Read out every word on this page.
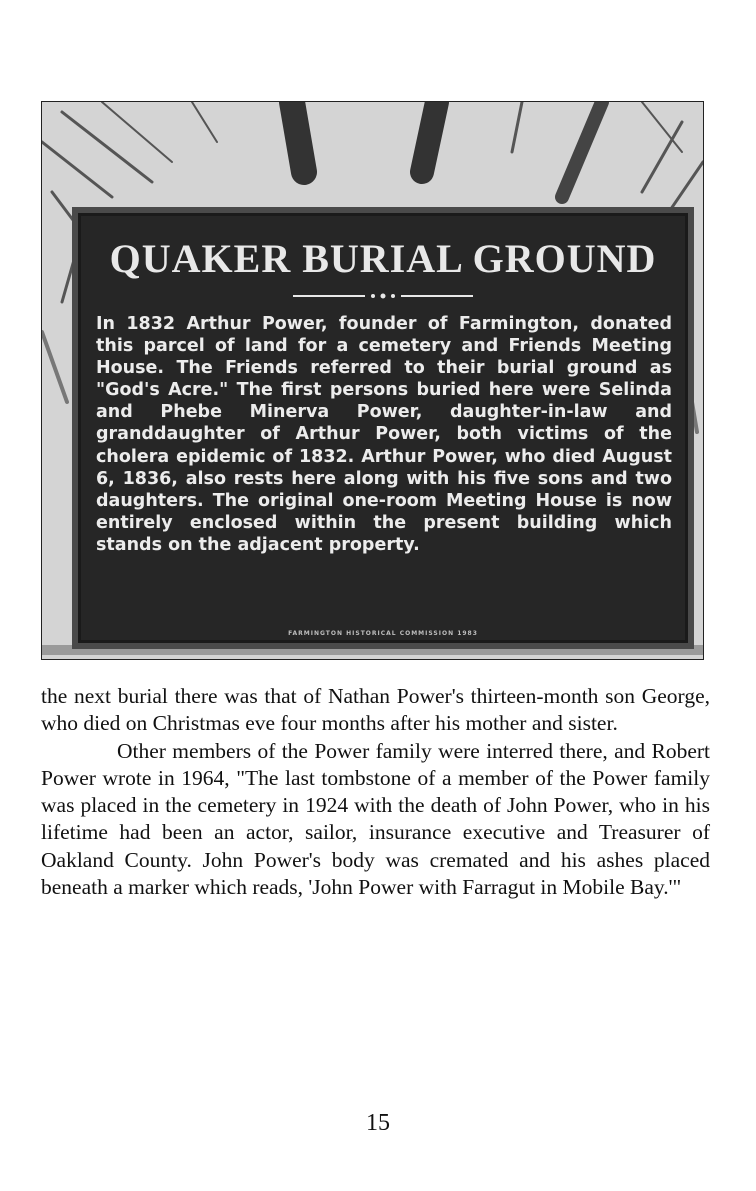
QUAKER BURIAL GROUND
In 1832 Arthur Power, founder of Farmington, donated this parcel of land for a cemetery and Friends Meeting House. The Friends referred to their burial ground as "God's Acre." The first persons buried here were Selinda and Phebe Minerva Power, daughter-in-law and granddaughter of Arthur Power, both victims of the cholera epidemic of 1832. Arthur Power, who died August 6, 1836, also rests here along with his five sons and two daughters. The original one-room Meeting House is now entirely enclosed within the present building which stands on the adjacent property.
FARMINGTON HISTORICAL COMMISSION 1983

the next burial there was that of Nathan Power's thirteen-month son George, who died on Christmas eve four months after his mother and sister.

Other members of the Power family were interred there, and Robert Power wrote in 1964, "The last tombstone of a member of the Power family was placed in the cemetery in 1924 with the death of John Power, who in his lifetime had been an actor, sailor, insurance executive and Treasurer of Oakland County. John Power's body was cremated and his ashes placed beneath a marker which reads, 'John Power with Farragut in Mobile Bay.'"

15
